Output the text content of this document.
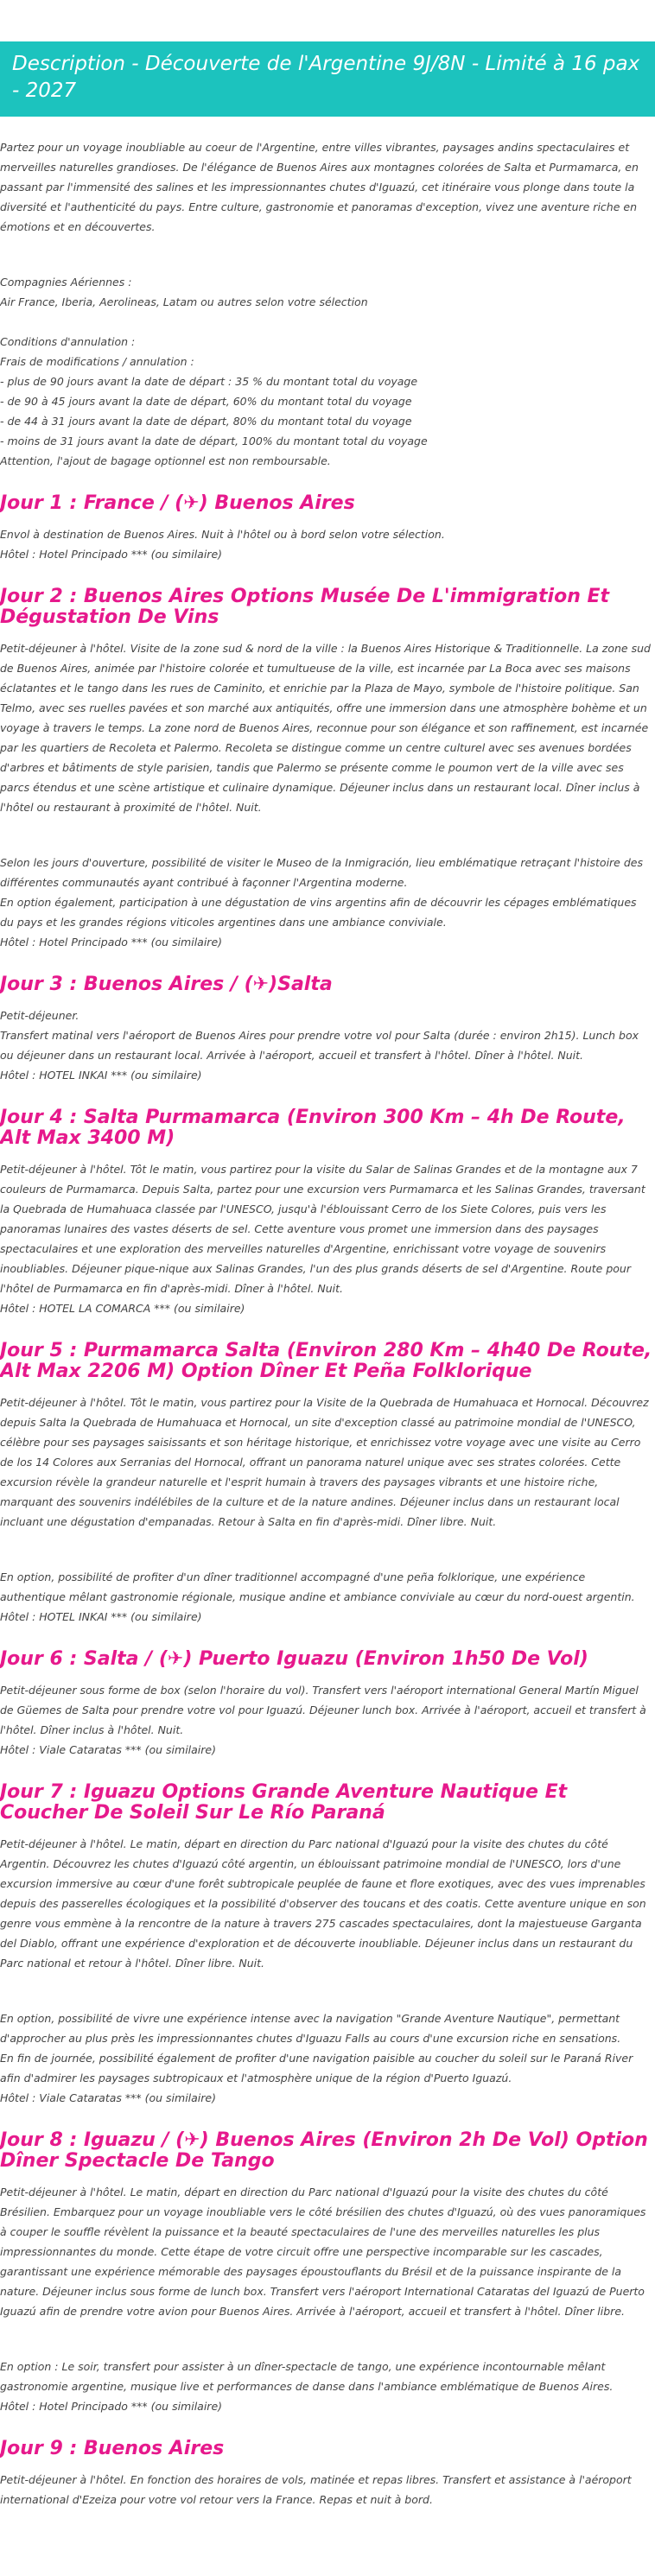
Description - Découverte de l'Argentine 9J/8N - Limité à 16 pax - 2027

Partez pour un voyage inoubliable au coeur de l'Argentine, entre villes vibrantes, paysages andins spectaculaires et merveilles naturelles grandioses. De l'élégance de Buenos Aires aux montagnes colorées de Salta et Purmamarca, en passant par l'immensité des salines et les impressionnantes chutes d'Iguazú, cet itinéraire vous plonge dans toute la diversité et l'authenticité du pays. Entre culture, gastronomie et panoramas d'exception, vivez une aventure riche en émotions et en découvertes.

Compagnies Aériennes :

Air France, Iberia, Aerolineas, Latam ou autres selon votre sélection

Conditions d'annulation :

Frais de modifications / annulation :

- plus de 90 jours avant la date de départ : 35 % du montant total du voyage

- de 90 à 45 jours avant la date de départ, 60% du montant total du voyage

- de 44 à 31 jours avant la date de départ, 80% du montant total du voyage

- moins de 31 jours avant la date de départ, 100% du montant total du voyage

Attention, l'ajout de bagage optionnel est non remboursable.

Jour 1 : France / (✈) Buenos Aires

Envol à destination de Buenos Aires. Nuit à l'hôtel ou à bord selon votre sélection.
Hôtel : Hotel Principado *** (ou similaire)

Jour 2 : Buenos Aires Options Musée De L'immigration Et Dégustation De Vins

Petit-déjeuner à l'hôtel. Visite de la zone sud & nord de la ville : la Buenos Aires Historique & Traditionnelle. La zone sud de Buenos Aires, animée par l'histoire colorée et tumultueuse de la ville, est incarnée par La Boca avec ses maisons éclatantes et le tango dans les rues de Caminito, et enrichie par la Plaza de Mayo, symbole de l'histoire politique. San Telmo, avec ses ruelles pavées et son marché aux antiquités, offre une immersion dans une atmosphère bohème et un voyage à travers le temps. La zone nord de Buenos Aires, reconnue pour son élégance et son raffinement, est incarnée par les quartiers de Recoleta et Palermo. Recoleta se distingue comme un centre culturel avec ses avenues bordées d'arbres et bâtiments de style parisien, tandis que Palermo se présente comme le poumon vert de la ville avec ses parcs étendus et une scène artistique et culinaire dynamique. Déjeuner inclus dans un restaurant local. Dîner inclus à l'hôtel ou restaurant à proximité de l'hôtel. Nuit.

Selon les jours d'ouverture, possibilité de visiter le Museo de la Inmigración, lieu emblématique retraçant l'histoire des différentes communautés ayant contribué à façonner l'Argentina moderne.
En option également, participation à une dégustation de vins argentins afin de découvrir les cépages emblématiques du pays et les grandes régions viticoles argentines dans une ambiance conviviale.
Hôtel : Hotel Principado *** (ou similaire)

Jour 3 : Buenos Aires / (✈)Salta

Petit-déjeuner.
Transfert matinal vers l'aéroport de Buenos Aires pour prendre votre vol pour Salta (durée : environ 2h15). Lunch box ou déjeuner dans un restaurant local. Arrivée à l'aéroport, accueil et transfert à l'hôtel. Dîner à l'hôtel. Nuit.
Hôtel : HOTEL INKAI *** (ou similaire)

Jour 4 : Salta Purmamarca (Environ 300 Km – 4h De Route, Alt Max 3400 M)

Petit-déjeuner à l'hôtel. Tôt le matin, vous partirez pour la visite du Salar de Salinas Grandes et de la montagne aux 7 couleurs de Purmamarca. Depuis Salta, partez pour une excursion vers Purmamarca et les Salinas Grandes, traversant la Quebrada de Humahuaca classée par l'UNESCO, jusqu'à l'éblouissant Cerro de los Siete Colores, puis vers les panoramas lunaires des vastes déserts de sel. Cette aventure vous promet une immersion dans des paysages spectaculaires et une exploration des merveilles naturelles d'Argentine, enrichissant votre voyage de souvenirs inoubliables. Déjeuner pique-nique aux Salinas Grandes, l'un des plus grands déserts de sel d'Argentine. Route pour l'hôtel de Purmamarca en fin d'après-midi. Dîner à l'hôtel. Nuit.
Hôtel : HOTEL LA COMARCA *** (ou similaire)

Jour 5 : Purmamarca Salta (Environ 280 Km – 4h40 De Route, Alt Max 2206 M) Option Dîner Et Peña Folklorique

Petit-déjeuner à l'hôtel. Tôt le matin, vous partirez pour la Visite de la Quebrada de Humahuaca et Hornocal. Découvrez depuis Salta la Quebrada de Humahuaca et Hornocal, un site d'exception classé au patrimoine mondial de l'UNESCO, célèbre pour ses paysages saisissants et son héritage historique, et enrichissez votre voyage avec une visite au Cerro de los 14 Colores aux Serranias del Hornocal, offrant un panorama naturel unique avec ses strates colorées. Cette excursion révèle la grandeur naturelle et l'esprit humain à travers des paysages vibrants et une histoire riche, marquant des souvenirs indélébiles de la culture et de la nature andines. Déjeuner inclus dans un restaurant local incluant une dégustation d'empanadas. Retour à Salta en fin d'après-midi. Dîner libre. Nuit.

En option, possibilité de profiter d'un dîner traditionnel accompagné d'une peña folklorique, une expérience authentique mêlant gastronomie régionale, musique andine et ambiance conviviale au cœur du nord-ouest argentin.
Hôtel : HOTEL INKAI *** (ou similaire)

Jour 6 : Salta / (✈) Puerto Iguazu (Environ 1h50 De Vol)

Petit-déjeuner sous forme de box (selon l'horaire du vol). Transfert vers l'aéroport international General Martín Miguel de Güemes de Salta pour prendre votre vol pour Iguazú. Déjeuner lunch box. Arrivée à l'aéroport, accueil et transfert à l'hôtel. Dîner inclus à l'hôtel. Nuit.
Hôtel : Viale Cataratas *** (ou similaire)

Jour 7 : Iguazu Options Grande Aventure Nautique Et Coucher De Soleil Sur Le Río Paraná

Petit-déjeuner à l'hôtel. Le matin, départ en direction du Parc national d'Iguazú pour la visite des chutes du côté Argentin. Découvrez les chutes d'Iguazú côté argentin, un éblouissant patrimoine mondial de l'UNESCO, lors d'une excursion immersive au cœur d'une forêt subtropicale peuplée de faune et flore exotiques, avec des vues imprenables depuis des passerelles écologiques et la possibilité d'observer des toucans et des coatis. Cette aventure unique en son genre vous emmène à la rencontre de la nature à travers 275 cascades spectaculaires, dont la majestueuse Garganta del Diablo, offrant une expérience d'exploration et de découverte inoubliable. Déjeuner inclus dans un restaurant du Parc national et retour à l'hôtel. Dîner libre. Nuit.

En option, possibilité de vivre une expérience intense avec la navigation "Grande Aventure Nautique", permettant d'approcher au plus près les impressionnantes chutes d'Iguazu Falls au cours d'une excursion riche en sensations.
En fin de journée, possibilité également de profiter d'une navigation paisible au coucher du soleil sur le Paraná River afin d'admirer les paysages subtropicaux et l'atmosphère unique de la région d'Puerto Iguazú.
Hôtel : Viale Cataratas *** (ou similaire)

Jour 8 : Iguazu / (✈) Buenos Aires (Environ 2h De Vol) Option Dîner Spectacle De Tango

Petit-déjeuner à l'hôtel. Le matin, départ en direction du Parc national d'Iguazú pour la visite des chutes du côté Brésilien. Embarquez pour un voyage inoubliable vers le côté brésilien des chutes d'Iguazú, où des vues panoramiques à couper le souffle révèlent la puissance et la beauté spectaculaires de l'une des merveilles naturelles les plus impressionnantes du monde. Cette étape de votre circuit offre une perspective incomparable sur les cascades, garantissant une expérience mémorable des paysages époustouflants du Brésil et de la puissance inspirante de la nature. Déjeuner inclus sous forme de lunch box. Transfert vers l'aéroport International Cataratas del Iguazú de Puerto Iguazú afin de prendre votre avion pour Buenos Aires. Arrivée à l'aéroport, accueil et transfert à l'hôtel. Dîner libre.

En option : Le soir, transfert pour assister à un dîner-spectacle de tango, une expérience incontournable mêlant gastronomie argentine, musique live et performances de danse dans l'ambiance emblématique de Buenos Aires.
Hôtel : Hotel Principado *** (ou similaire)

Jour 9 : Buenos Aires

Petit-déjeuner à l'hôtel. En fonction des horaires de vols, matinée et repas libres. Transfert et assistance à l'aéroport international d'Ezeiza pour votre vol retour vers la France. Repas et nuit à bord.
